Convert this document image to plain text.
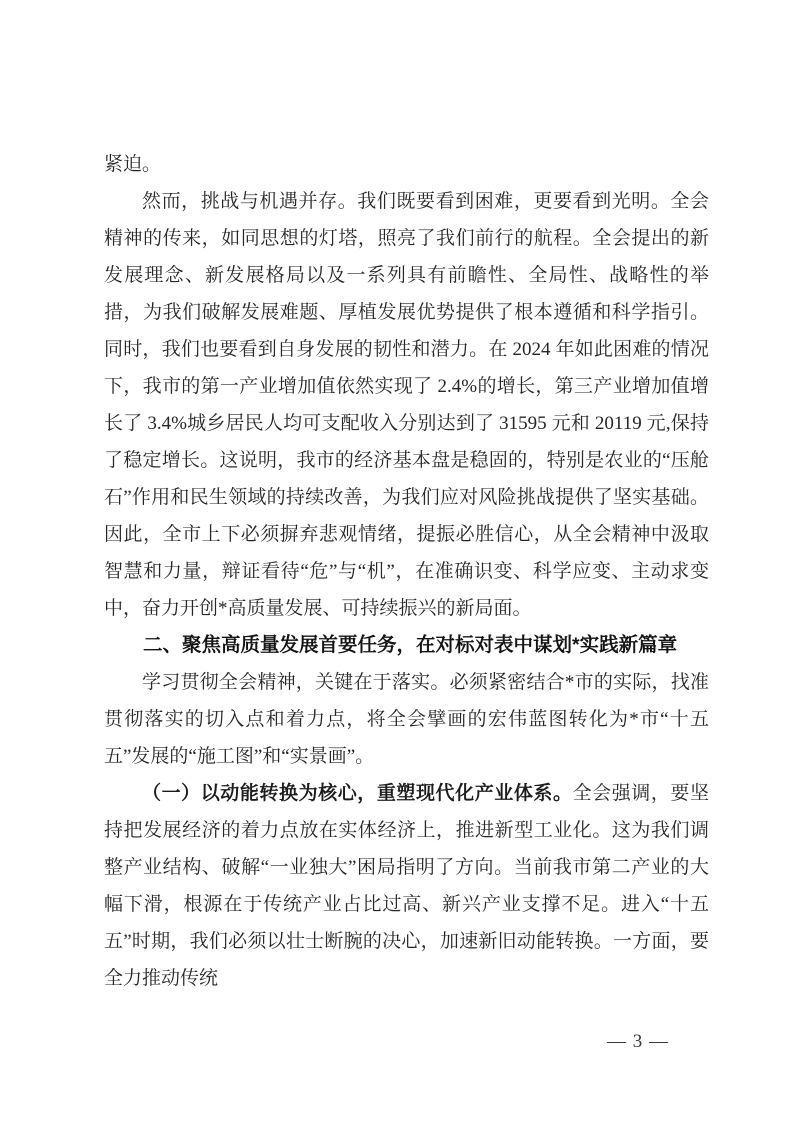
紧迫。

然而，挑战与机遇并存。我们既要看到困难，更要看到光明。全会精神的传来，如同思想的灯塔，照亮了我们前行的航程。全会提出的新发展理念、新发展格局以及一系列具有前瞻性、全局性、战略性的举措，为我们破解发展难题、厚植发展优势提供了根本遵循和科学指引。同时，我们也要看到自身发展的韧性和潜力。在 2024 年如此困难的情况下，我市的第一产业增加值依然实现了 2.4%的增长，第三产业增加值增长了 3.4%城乡居民人均可支配收入分别达到了 31595 元和 20119 元,保持了稳定增长。这说明，我市的经济基本盘是稳固的，特别是农业的“压舱石”作用和民生领域的持续改善，为我们应对风险挑战提供了坚实基础。因此，全市上下必须摒弃悲观情绪，提振必胜信心，从全会精神中汲取智慧和力量，辩证看待“危”与“机”，在准确识变、科学应变、主动求变中，奋力开创*高质量发展、可持续振兴的新局面。

二、聚焦高质量发展首要任务，在对标对表中谋划*实践新篇章

学习贯彻全会精神，关键在于落实。必须紧密结合*市的实际，找准贯彻落实的切入点和着力点，将全会擘画的宏伟蓝图转化为*市“十五五”发展的“施工图”和“实景画”。

（一）以动能转换为核心，重塑现代化产业体系。全会强调，要坚持把发展经济的着力点放在实体经济上，推进新型工业化。这为我们调整产业结构、破解“一业独大”困局指明了方向。当前我市第二产业的大幅下滑，根源在于传统产业占比过高、新兴产业支撑不足。进入“十五五”时期，我们必须以壮士断腕的决心，加速新旧动能转换。一方面，要全力推动传统

— 3 —
